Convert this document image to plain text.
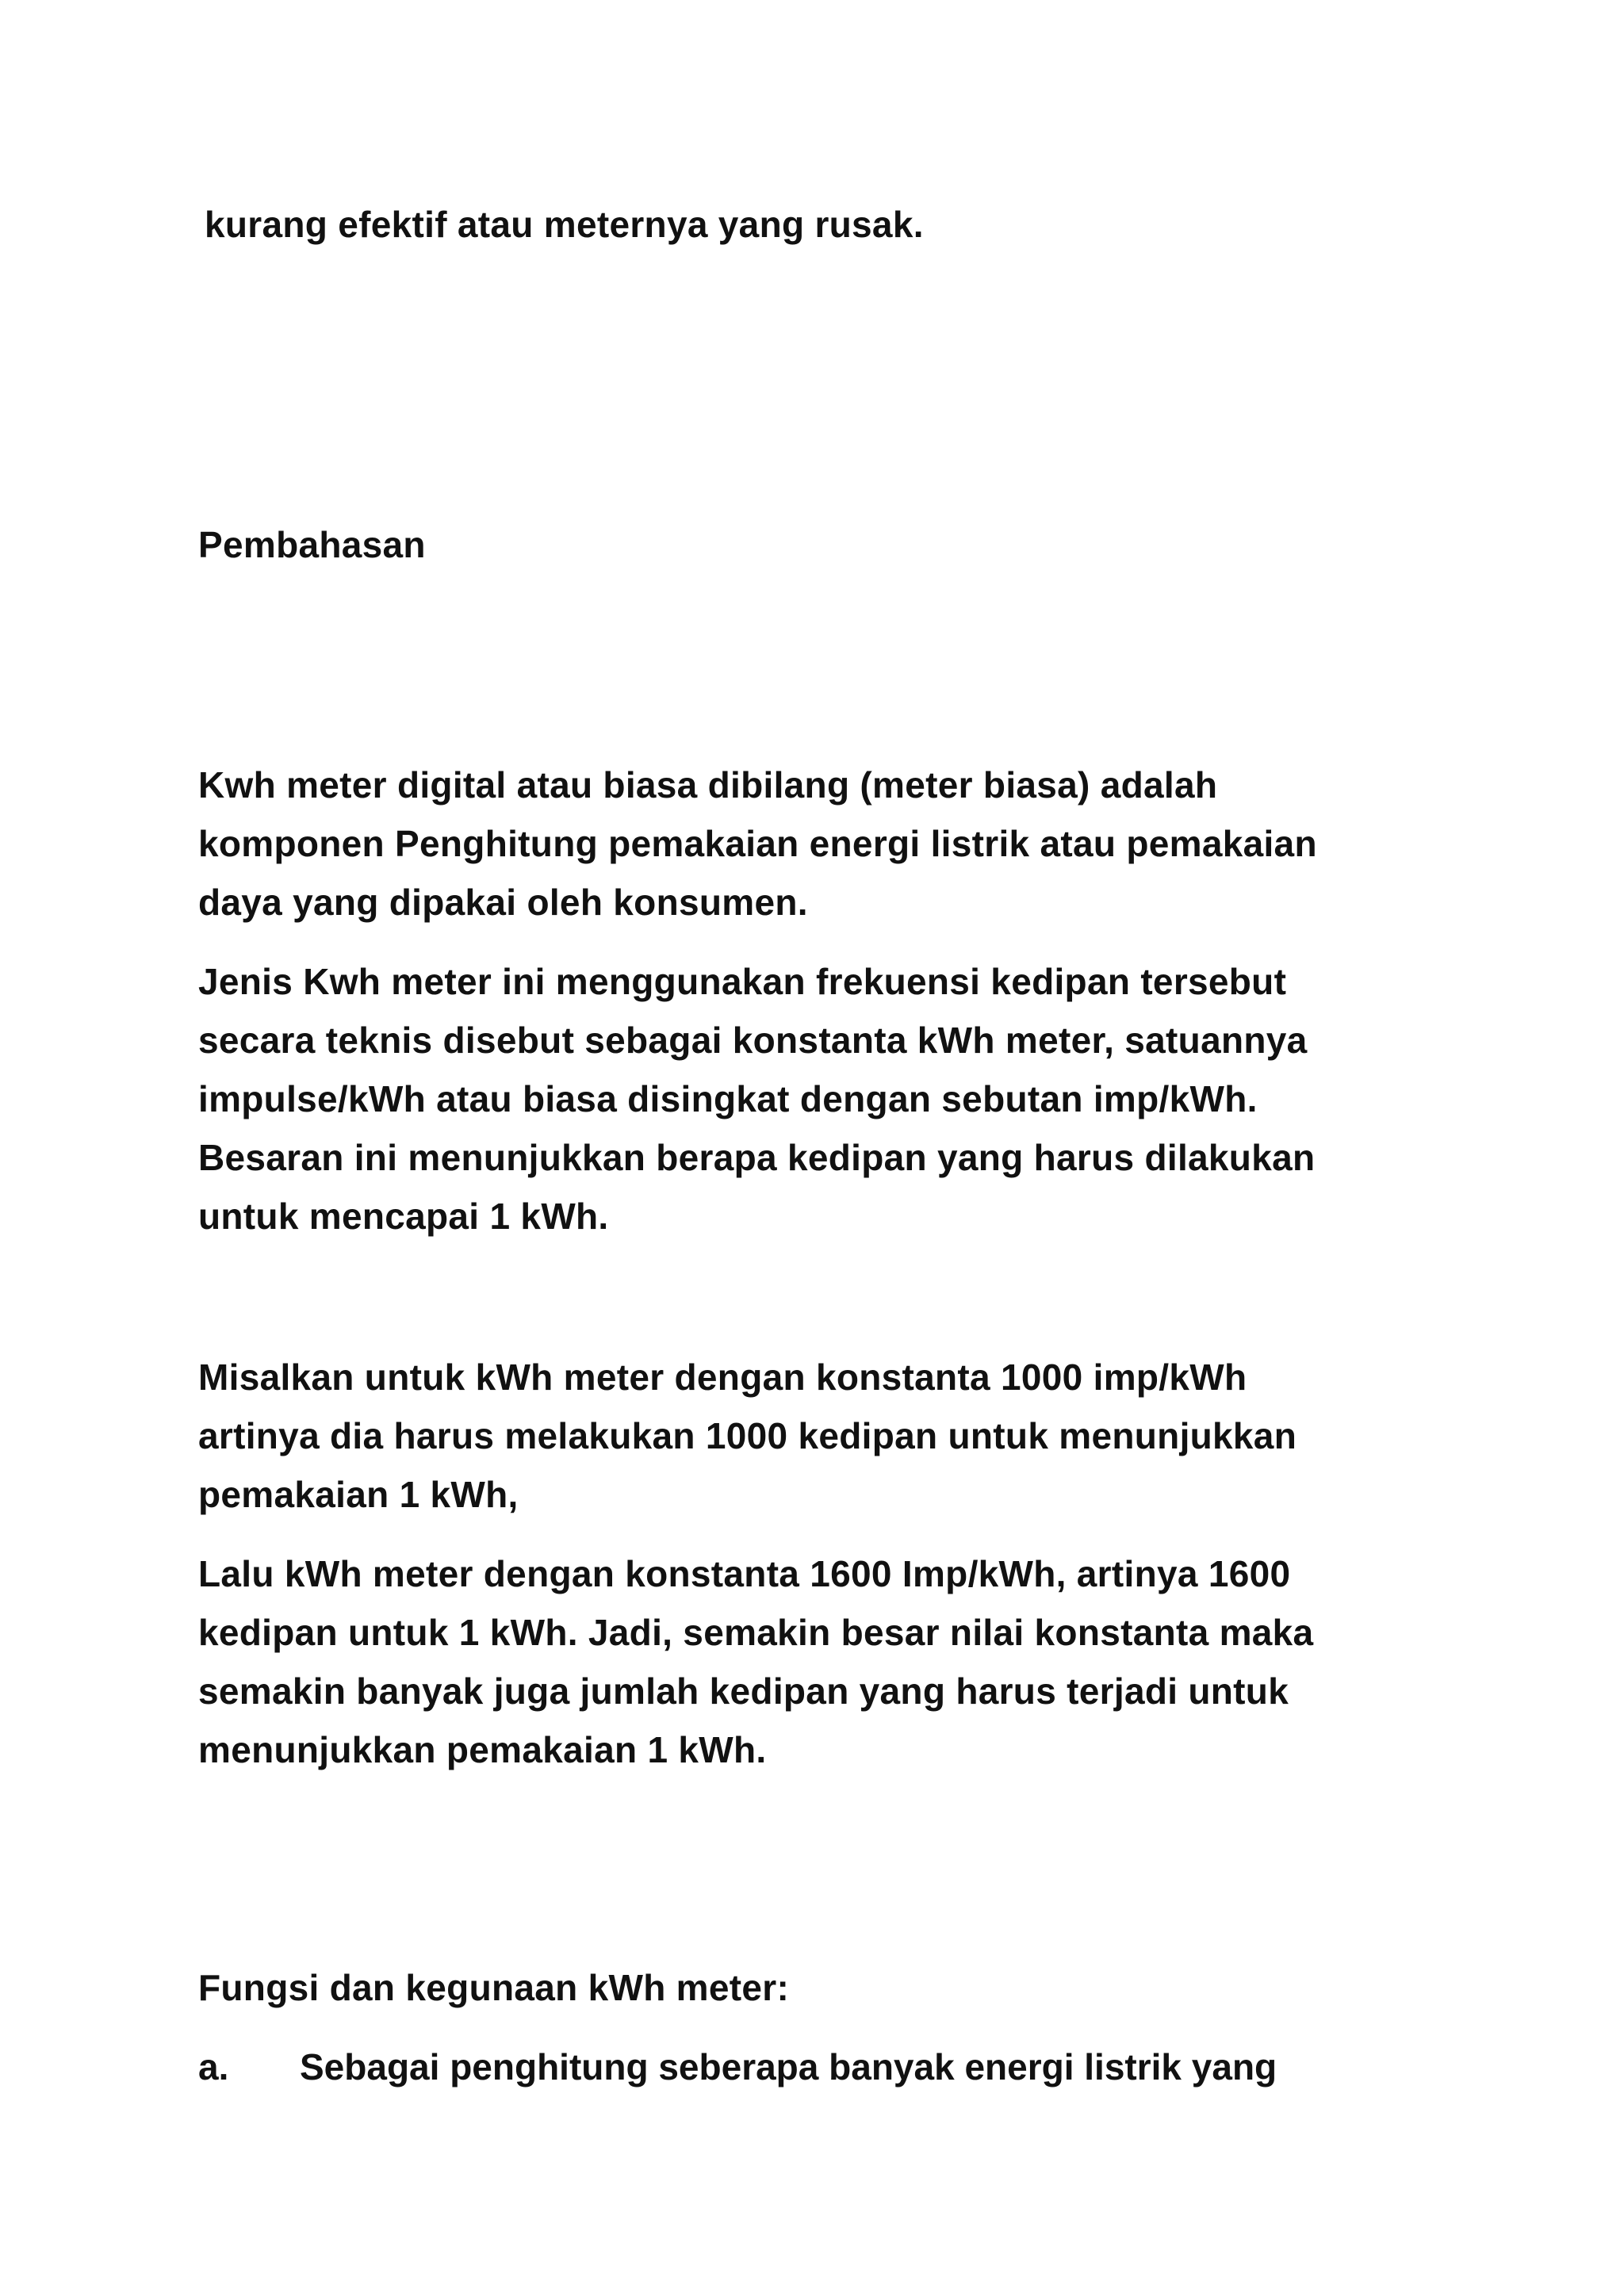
kurang efektif atau meternya yang rusak.

Pembahasan

Kwh meter digital atau biasa dibilang (meter biasa) adalah

komponen Penghitung pemakaian energi listrik atau pemakaian

daya yang dipakai oleh konsumen.

Jenis Kwh meter ini menggunakan frekuensi kedipan tersebut

secara teknis disebut sebagai konstanta kWh meter, satuannya

impulse/kWh atau biasa disingkat dengan sebutan imp/kWh.

Besaran ini menunjukkan berapa kedipan yang harus dilakukan

untuk mencapai 1 kWh.

Misalkan untuk kWh meter dengan konstanta 1000 imp/kWh

artinya dia harus melakukan 1000 kedipan untuk menunjukkan

pemakaian 1 kWh,

Lalu kWh meter dengan konstanta 1600 Imp/kWh, artinya 1600

kedipan untuk 1 kWh. Jadi, semakin besar nilai konstanta maka

semakin banyak juga jumlah kedipan yang harus terjadi untuk

menunjukkan pemakaian 1 kWh.

Fungsi dan kegunaan kWh meter:

a. Sebagai penghitung seberapa banyak energi listrik yang
